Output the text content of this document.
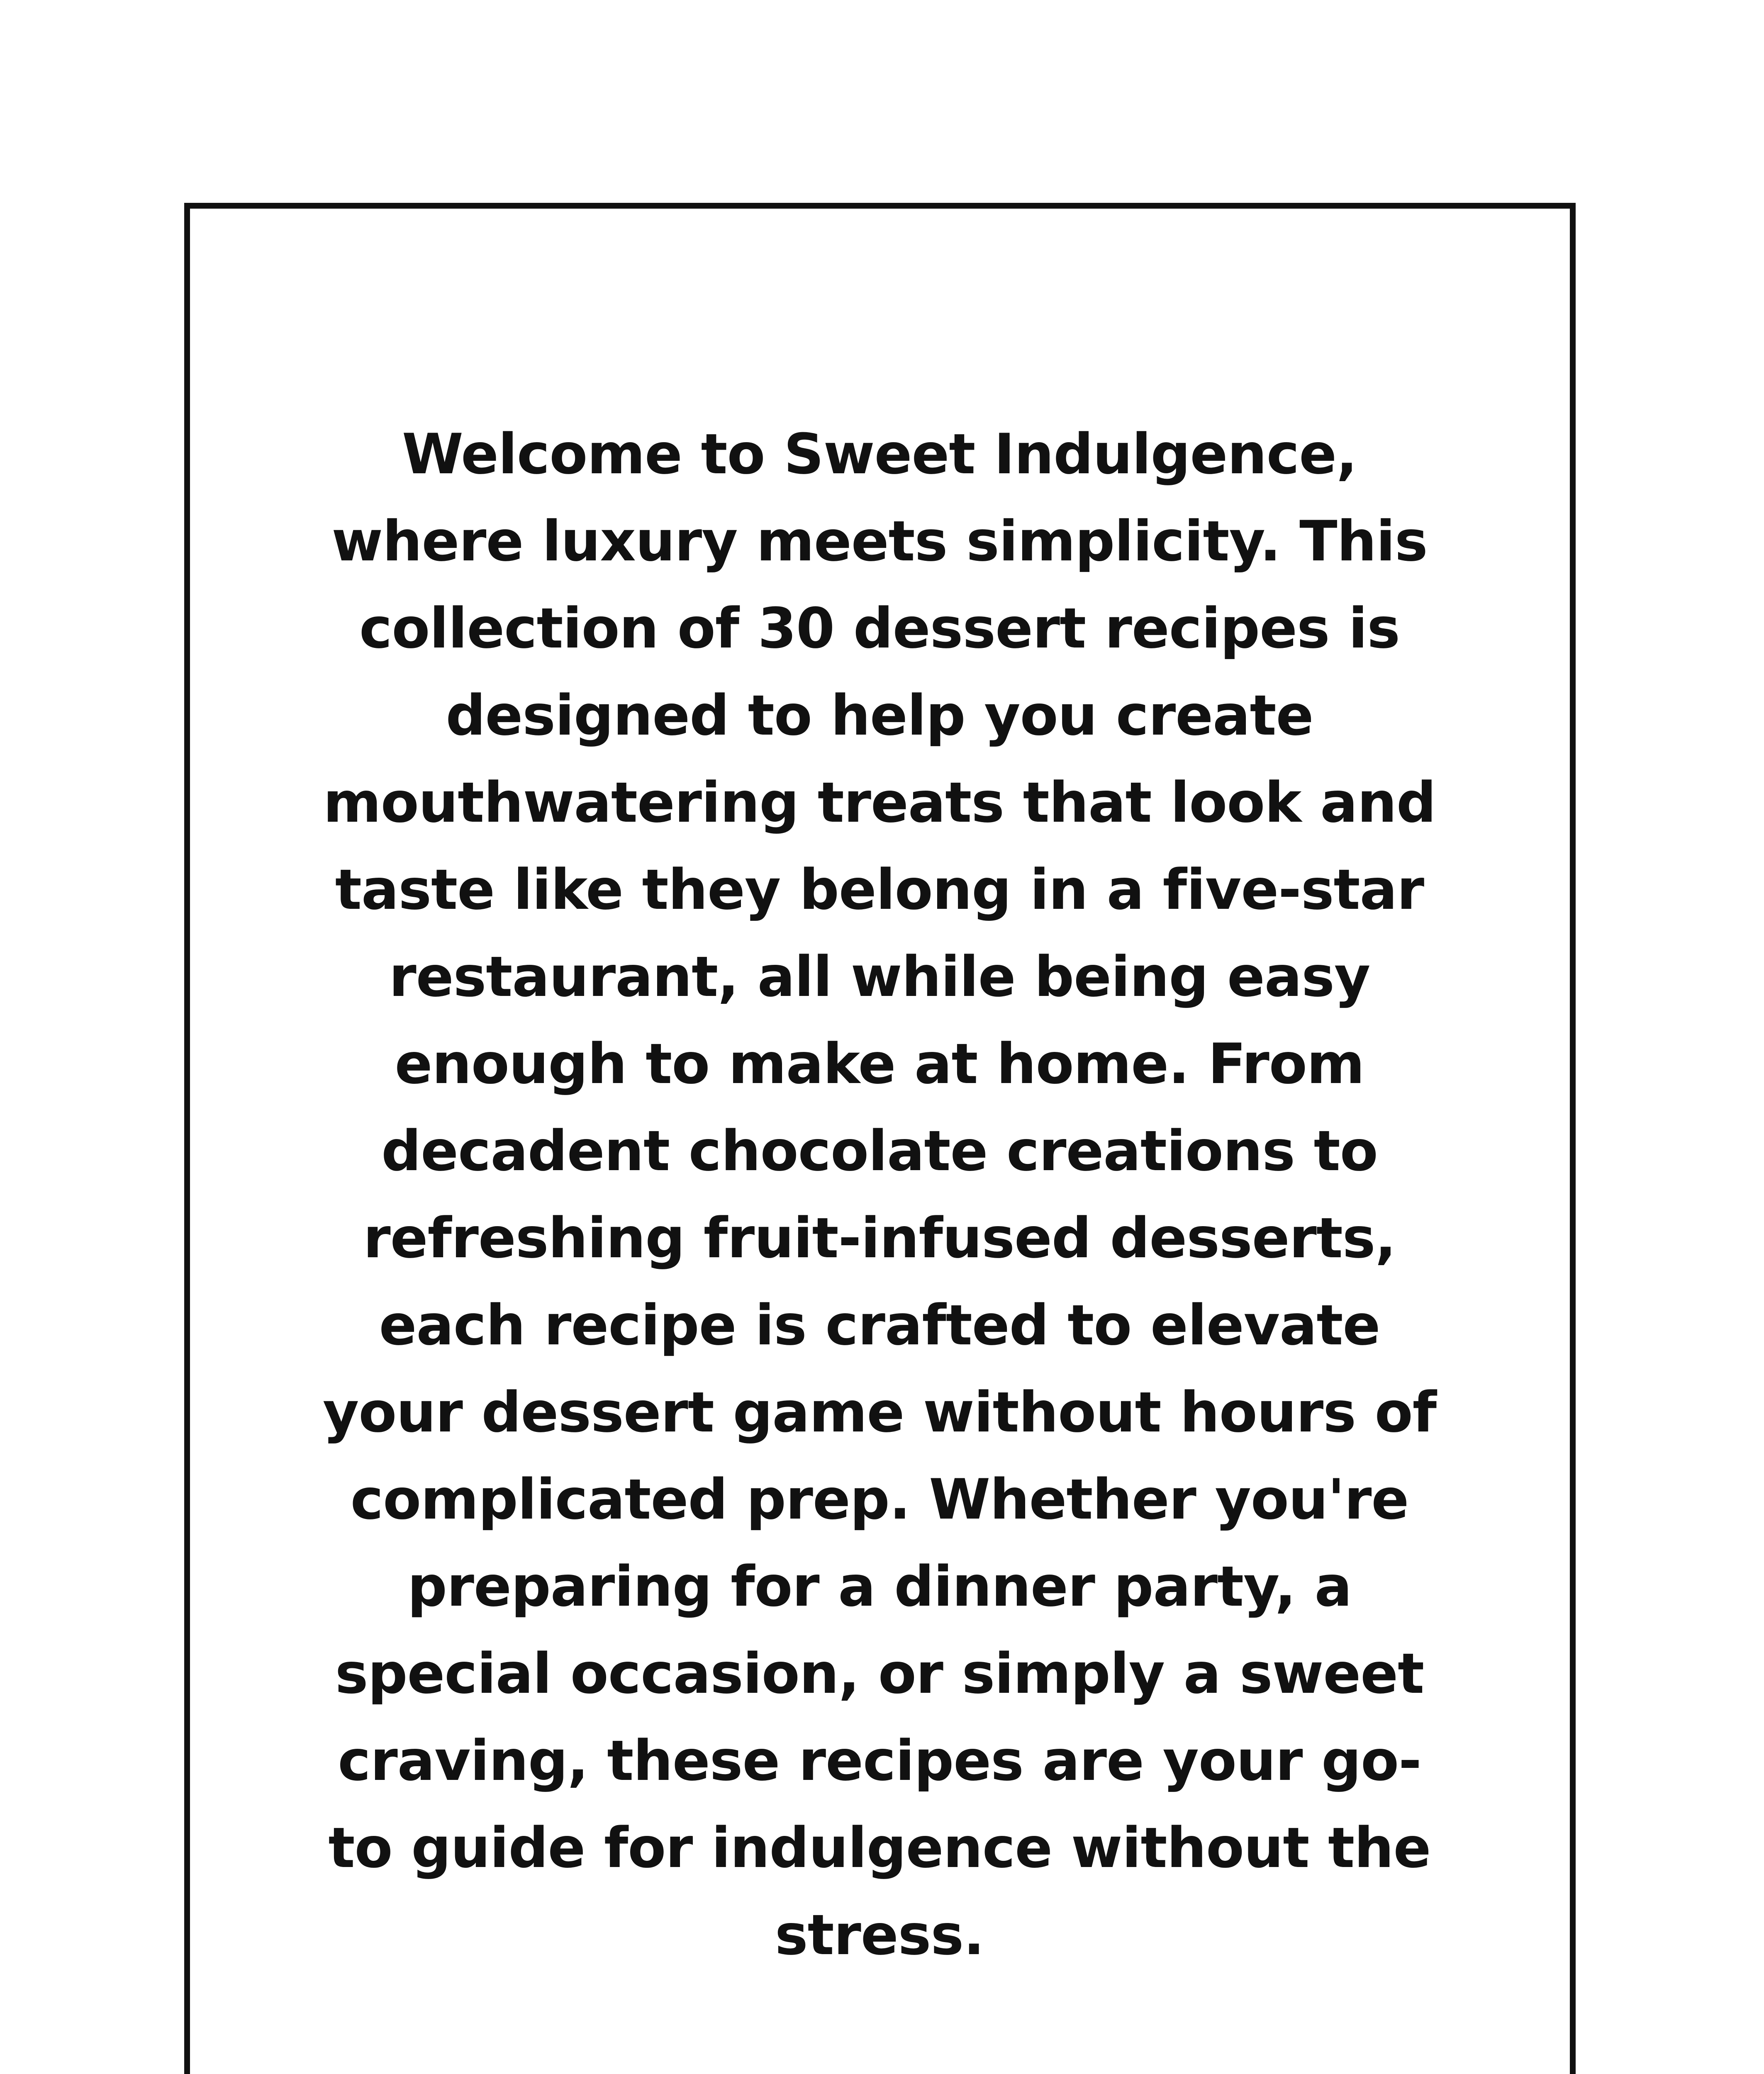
Welcome to Sweet Indulgence, where luxury meets simplicity. This collection of 30 dessert recipes is designed to help you create mouthwatering treats that look and taste like they belong in a five-star restaurant, all while being easy enough to make at home. From decadent chocolate creations to refreshing fruit-infused desserts, each recipe is crafted to elevate your dessert game without hours of complicated prep. Whether you're preparing for a dinner party, a special occasion, or simply a sweet craving, these recipes are your go-to guide for indulgence without the stress.
